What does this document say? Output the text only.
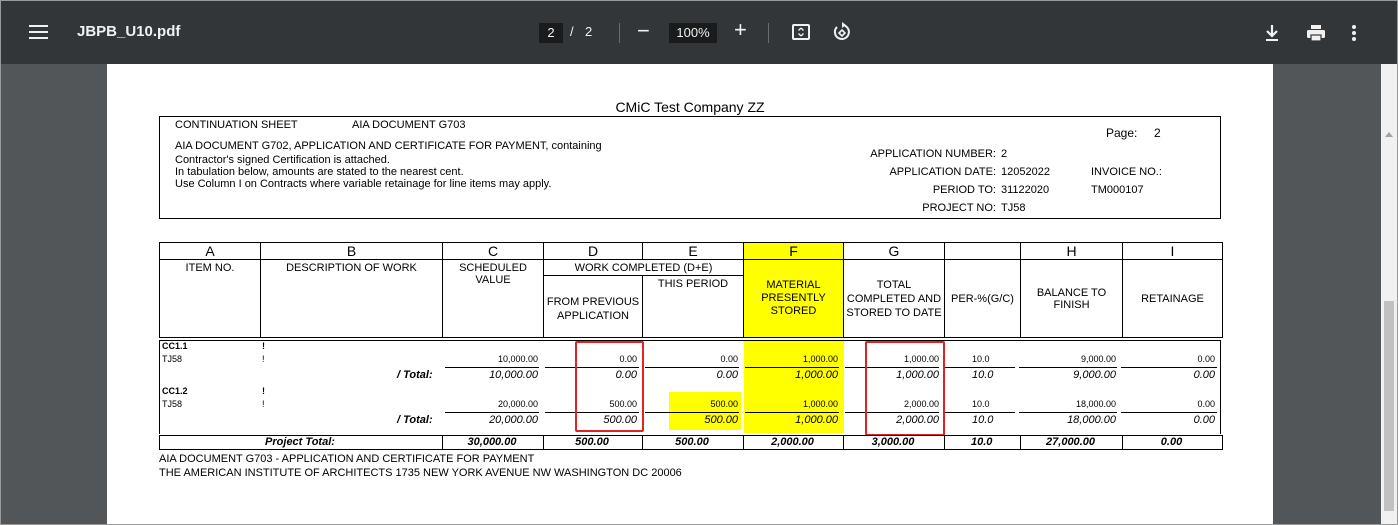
JBPB_U10.pdf	2	/ 2 −	100%	+
CMiC Test Company ZZ
CONTINUATION SHEET	AIA DOCUMENT G703
AIA DOCUMENT G702, APPLICATION AND CERTIFICATE FOR PAYMENT, containing
Contractor's signed Certification is attached.
In tabulation below, amounts are stated to the nearest cent.
Use Column I on Contracts where variable retainage for line items may apply.
Page: 2
APPLICATION NUMBER: 2
APPLICATION DATE: 12052022
PERIOD TO: 31122020
PROJECT NO: TJ58
INVOICE NO.:
TM000107
A	B	C	D	E	F	G		H	I
ITEM NO.	DESCRIPTION OF WORK	SCHEDULED VALUE	WORK COMPLETED (D+E)		MATERIAL PRESENTLY STORED	TOTAL COMPLETED AND STORED TO DATE	PER-%(G/C)	BALANCE TO FINISH	RETAINAGE
			FROM PREVIOUS APPLICATION	THIS PERIOD					
CC1.1	!
TJ58	!	10,000.00	0.00	0.00	1,000.00	1,000.00	10.0	9,000.00	0.00
/ Total:	10,000.00	0.00	0.00	1,000.00	1,000.00	10.0	9,000.00	0.00
CC1.2	!
TJ58	!	20,000.00	500.00	500.00	1,000.00	2,000.00	10.0	18,000.00	0.00
/ Total:	20,000.00	500.00	500.00	1,000.00	2,000.00	10.0	18,000.00	0.00
Project Total:	30,000.00	500.00	500.00	2,000.00	3,000.00	10.0	27,000.00	0.00
AIA DOCUMENT G703 - APPLICATION AND CERTIFICATE FOR PAYMENT
THE AMERICAN INSTITUTE OF ARCHITECTS 1735 NEW YORK AVENUE NW WASHINGTON DC 20006
